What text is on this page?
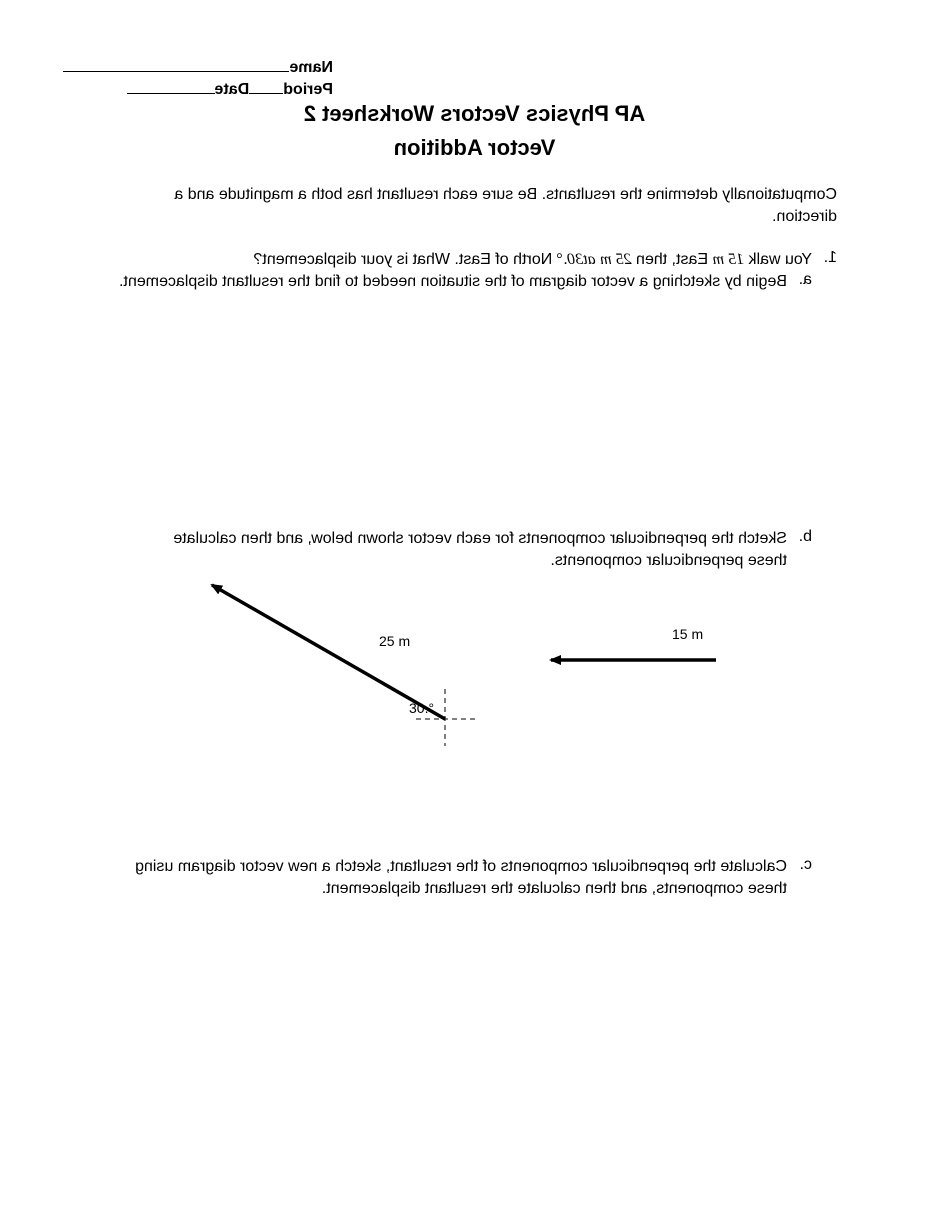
Name
PeriodDate
AP Physics Vectors Worksheet 2
Vector Addition
Computationally determine the resultants. Be sure each resultant has both a magnitude and a direction.
1.
You walk 15 m East, then 25 m at30.° North of East. What is your displacement?
a.
Begin by sketching a vector diagram of the situation needed to find the resultant displacement.
b.
Sketch the perpendicular components for each vector shown below, and then calculate these perpendicular components.
15 m
25 m
30.°
c.
Calculate the perpendicular components of the resultant, sketch a new vector diagram using these components, and then calculate the resultant displacement.
